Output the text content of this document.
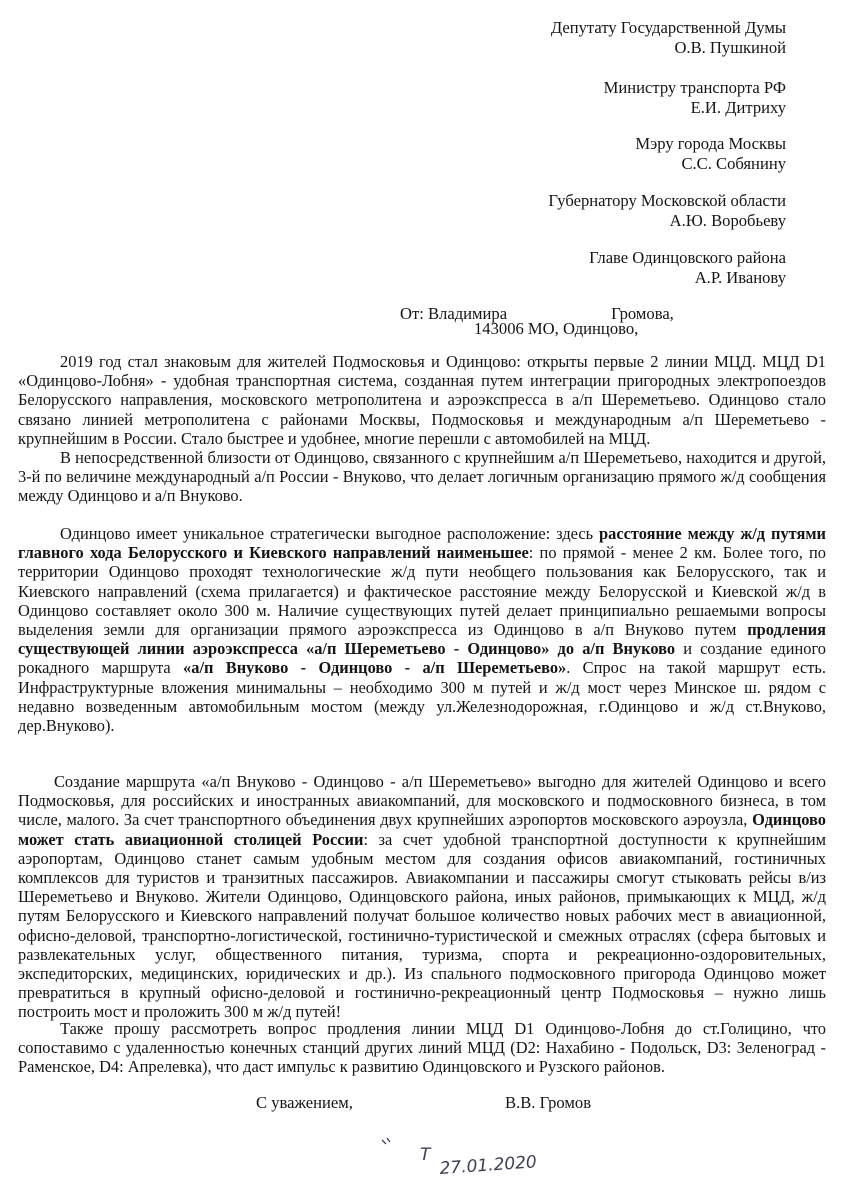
Депутату Государственной Думы
О.В. Пушкиной
Министру транспорта РФ
Е.И. Дитриху
Мэру города Москвы
С.С. Собянину
Губернатору Московской области
А.Ю. Воробьеву
Главе Одинцовского района
А.Р. Иванову
От: Владимира	Громова,
143006 МО, Одинцово,

2019 год стал знаковым для жителей Подмосковья и Одинцово: открыты первые 2 линии МЦД. МЦД D1 «Одинцово-Лобня» - удобная транспортная система, созданная путем интеграции пригородных электропоездов Белорусского направления, московского метрополитена и аэроэкспресса в а/п Шереметьево. Одинцово стало связано линией метрополитена с районами Москвы, Подмосковья и международным а/п Шереметьево - крупнейшим в России. Стало быстрее и удобнее, многие перешли с автомобилей на МЦД.

В непосредственной близости от Одинцово, связанного с крупнейшим а/п Шереметьево, находится и другой, 3-й по величине международный а/п России - Внуково, что делает логичным организацию прямого ж/д сообщения между Одинцово и а/п Внуково.

Одинцово имеет уникальное стратегически выгодное расположение: здесь расстояние между ж/д путями главного хода Белорусского и Киевского направлений наименьшее: по прямой - менее 2 км. Более того, по территории Одинцово проходят технологические ж/д пути необщего пользования как Белорусского, так и Киевского направлений (схема прилагается) и фактическое расстояние между Белорусской и Киевской ж/д в Одинцово составляет около 300 м. Наличие существующих путей делает принципиально решаемыми вопросы выделения земли для организации прямого аэроэкспресса из Одинцово в а/п Внуково путем продления существующей линии аэроэкспресса «а/п Шереметьево - Одинцово» до а/п Внуково и создание единого рокадного маршрута «а/п Внуково - Одинцово - а/п Шереметьево». Спрос на такой маршрут есть. Инфраструктурные вложения минимальны – необходимо 300 м путей и ж/д мост через Минское ш. рядом с недавно возведенным автомобильным мостом (между ул.Железнодорожная, г.Одинцово и ж/д ст.Внуково, дер.Внуково).

Создание маршрута «а/п Внуково - Одинцово - а/п Шереметьево» выгодно для жителей Одинцово и всего Подмосковья, для российских и иностранных авиакомпаний, для московского и подмосковного бизнеса, в том числе, малого. За счет транспортного объединения двух крупнейших аэропортов московского аэроузла, Одинцово может стать авиационной столицей России: за счет удобной транспортной доступности к крупнейшим аэропортам, Одинцово станет самым удобным местом для создания офисов авиакомпаний, гостиничных комплексов для туристов и транзитных пассажиров. Авиакомпании и пассажиры смогут стыковать рейсы в/из Шереметьево и Внуково. Жители Одинцово, Одинцовского района, иных районов, примыкающих к МЦД, ж/д путям Белорусского и Киевского направлений получат большое количество новых рабочих мест в авиационной, офисно-деловой, транспортно-логистической, гостинично-туристической и смежных отраслях (сфера бытовых и развлекательных услуг, общественного питания, туризма, спорта и рекреационно-оздоровительных, экспедиторских, медицинских, юридических и др.). Из спального подмосковного пригорода Одинцово может превратиться в крупный офисно-деловой и гостинично-рекреационный центр Подмосковья – нужно лишь построить мост и проложить 300 м ж/д путей!

Также прошу рассмотреть вопрос продления линии МЦД D1 Одинцово-Лобня до ст.Голицино, что сопоставимо с удаленностью конечных станций других линий МЦД (D2: Нахабино - Подольск, D3: Зеленоград - Раменское, D4: Апрелевка), что даст импульс к развитию Одинцовского и Рузского районов.

С уважением,	В.В. Громов
Т 27.01.2020
